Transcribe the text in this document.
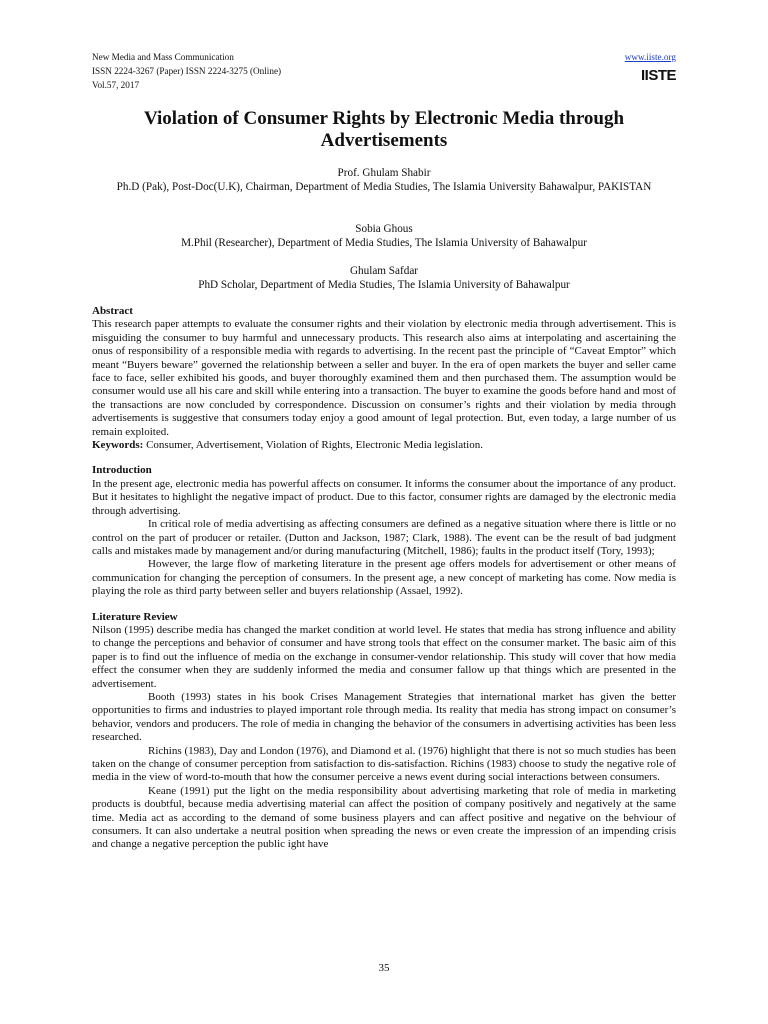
New Media and Mass Communication
ISSN 2224-3267 (Paper) ISSN 2224-3275 (Online)
Vol.57, 2017
www.iiste.org
IISTE
Violation of Consumer Rights by Electronic Media through Advertisements
Prof. Ghulam Shabir
Ph.D (Pak), Post-Doc(U.K), Chairman, Department of Media Studies, The Islamia University Bahawalpur, PAKISTAN
Sobia Ghous
M.Phil (Researcher), Department of Media Studies, The Islamia University of Bahawalpur
Ghulam Safdar
PhD Scholar, Department of Media Studies, The Islamia University of Bahawalpur
Abstract

This research paper attempts to evaluate the consumer rights and their violation by electronic media through advertisement. This is misguiding the consumer to buy harmful and unnecessary products. This research also aims at interpolating and ascertaining the onus of responsibility of a responsible media with regards to advertising. In the recent past the principle of “Caveat Emptor” which meant “Buyers beware” governed the relationship between a seller and buyer. In the era of open markets the buyer and seller came face to face, seller exhibited his goods, and buyer thoroughly examined them and then purchased them. The assumption would be consumer would use all his care and skill while entering into a transaction. The buyer to examine the goods before hand and most of the transactions are now concluded by correspondence. Discussion on consumer’s rights and their violation by media through advertisements is suggestive that consumers today enjoy a good amount of legal protection. But, even today, a large number of us remain exploited.

Keywords: Consumer, Advertisement, Violation of Rights, Electronic Media legislation.

Introduction

In the present age, electronic media has powerful affects on consumer. It informs the consumer about the importance of any product. But it hesitates to highlight the negative impact of product. Due to this factor, consumer rights are damaged by the electronic media through advertising.

In critical role of media advertising as affecting consumers are defined as a negative situation where there is little or no control on the part of producer or retailer. (Dutton and Jackson, 1987; Clark, 1988). The event can be the result of bad judgment calls and mistakes made by management and/or during manufacturing (Mitchell, 1986); faults in the product itself (Tory, 1993);

However, the large flow of marketing literature in the present age offers models for advertisement or other means of communication for changing the perception of consumers. In the present age, a new concept of marketing has come. Now media is playing the role as third party between seller and buyers relationship (Assael, 1992).

Literature Review

Nilson (1995) describe media has changed the market condition at world level. He states that media has strong influence and ability to change the perceptions and behavior of consumer and have strong tools that effect on the consumer market. The basic aim of this paper is to find out the influence of media on the exchange in consumer-vendor relationship. This study will cover that how media effect the consumer when they are suddenly informed the media and consumer fallow up that things which are presented in the advertisement.

Booth (1993) states in his book Crises Management Strategies that international market has given the better opportunities to firms and industries to played important role through media. Its reality that media has strong impact on consumer’s behavior, vendors and producers. The role of media in changing the behavior of the consumers in advertising activities has been less researched.

Richins (1983), Day and London (1976), and Diamond et al. (1976) highlight that there is not so much studies has been taken on the change of consumer perception from satisfaction to dis-satisfaction. Richins (1983) choose to study the negative role of media in the view of word-to-mouth that how the consumer perceive a news event during social interactions between consumers.

Keane (1991) put the light on the media responsibility about advertising marketing that role of media in marketing products is doubtful, because media advertising material can affect the position of company positively and negatively at the same time. Media act as according to the demand of some business players and can affect positive and negative on the behviour of consumers. It can also undertake a neutral position when spreading the news or even create the impression of an impending crisis and change a negative perception the public ight have

35
